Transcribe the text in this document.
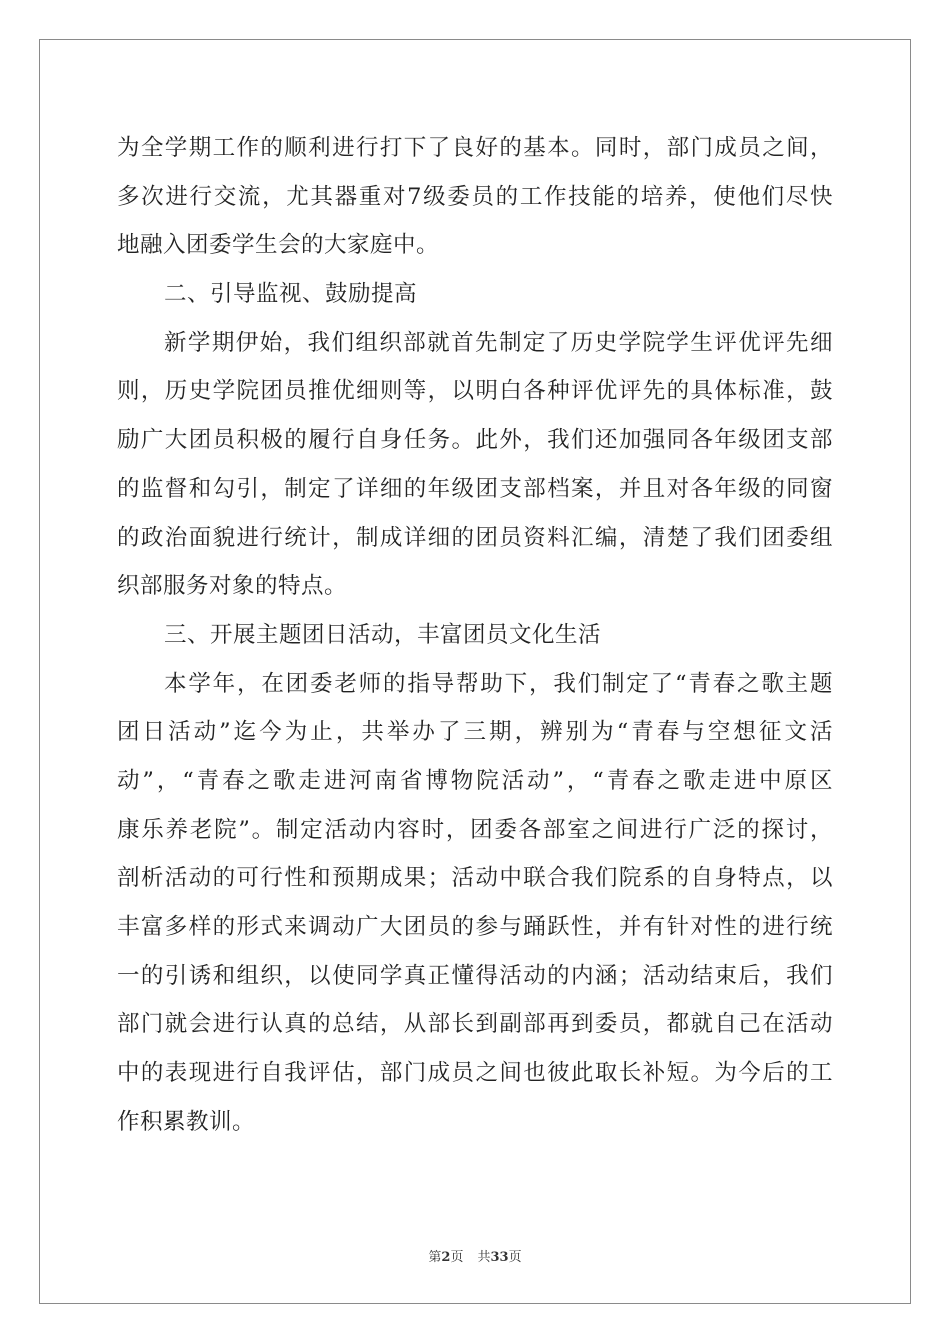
为全学期工作的顺利进行打下了良好的基本。同时，部门成员之间，
多次进行交流，尤其器重对7级委员的工作技能的培养，使他们尽快
地融入团委学生会的大家庭中。
二、引导监视、鼓励提高
新学期伊始，我们组织部就首先制定了历史学院学生评优评先细
则，历史学院团员推优细则等，以明白各种评优评先的具体标准，鼓
励广大团员积极的履行自身任务。此外，我们还加强同各年级团支部
的监督和勾引，制定了详细的年级团支部档案，并且对各年级的同窗
的政治面貌进行统计，制成详细的团员资料汇编，清楚了我们团委组
织部服务对象的特点。
三、开展主题团日活动，丰富团员文化生活
本学年，在团委老师的指导帮助下，我们制定了“青春之歌主题
团日活动”迄今为止，共举办了三期，辨别为“青春与空想征文活
动”，“青春之歌走进河南省博物院活动”，“青春之歌走进中原区
康乐养老院”。制定活动内容时，团委各部室之间进行广泛的探讨，
剖析活动的可行性和预期成果；活动中联合我们院系的自身特点，以
丰富多样的形式来调动广大团员的参与踊跃性，并有针对性的进行统
一的引诱和组织，以使同学真正懂得活动的内涵；活动结束后，我们
部门就会进行认真的总结，从部长到副部再到委员，都就自己在活动
中的表现进行自我评估，部门成员之间也彼此取长补短。为今后的工
作积累教训。
第2页 共33页
